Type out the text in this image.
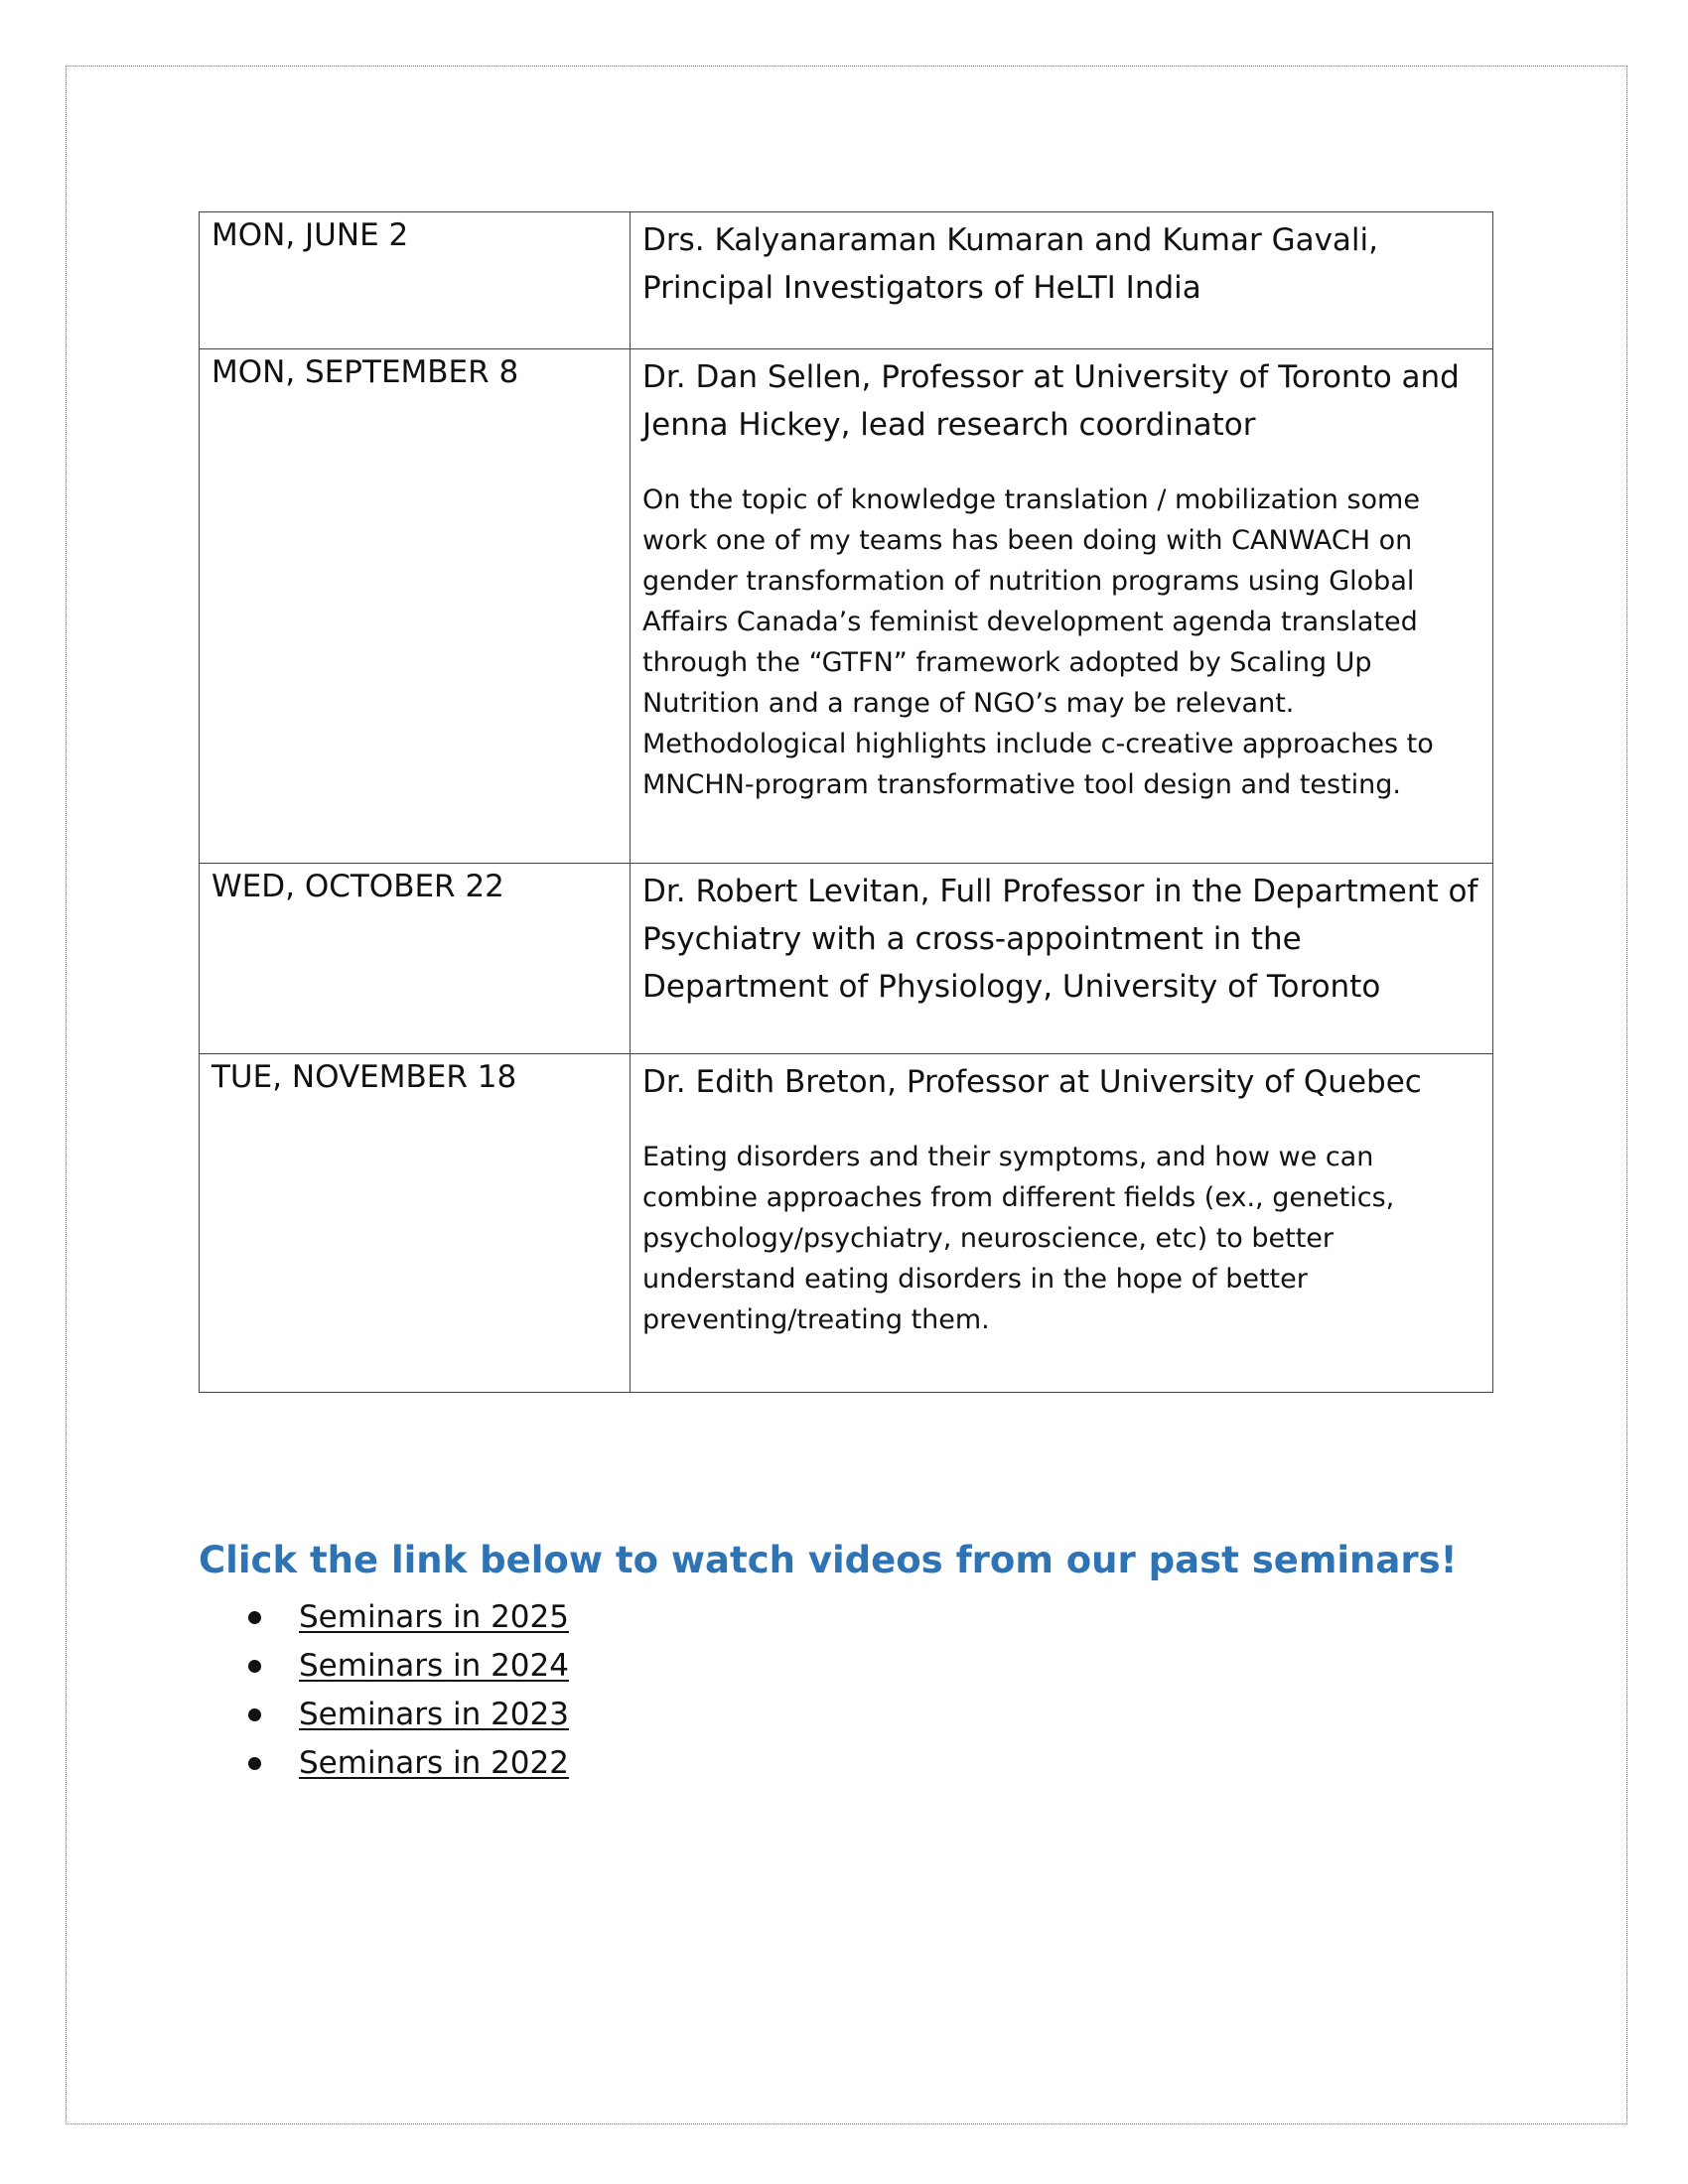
MON, JUNE 2	Drs. Kalyanaraman Kumaran and Kumar Gavali, Principal Investigators of HeLTI India

MON, SEPTEMBER 8	Dr. Dan Sellen, Professor at University of Toronto and Jenna Hickey, lead research coordinator
On the topic of knowledge translation / mobilization some work one of my teams has been doing with CANWACH on gender transformation of nutrition programs using Global Affairs Canada’s feminist development agenda translated through the “GTFN” framework adopted by Scaling Up Nutrition and a range of NGO’s may be relevant. Methodological highlights include c-creative approaches to MNCHN-program transformative tool design and testing.

WED, OCTOBER 22	Dr. Robert Levitan, Full Professor in the Department of Psychiatry with a cross-appointment in the Department of Physiology, University of Toronto

TUE, NOVEMBER 18	Dr. Edith Breton, Professor at University of Quebec
Eating disorders and their symptoms, and how we can combine approaches from different fields (ex., genetics, psychology/psychiatry, neuroscience, etc) to better understand eating disorders in the hope of better preventing/treating them.
Click the link below to watch videos from our past seminars!
Seminars in 2025
Seminars in 2024
Seminars in 2023
Seminars in 2022
